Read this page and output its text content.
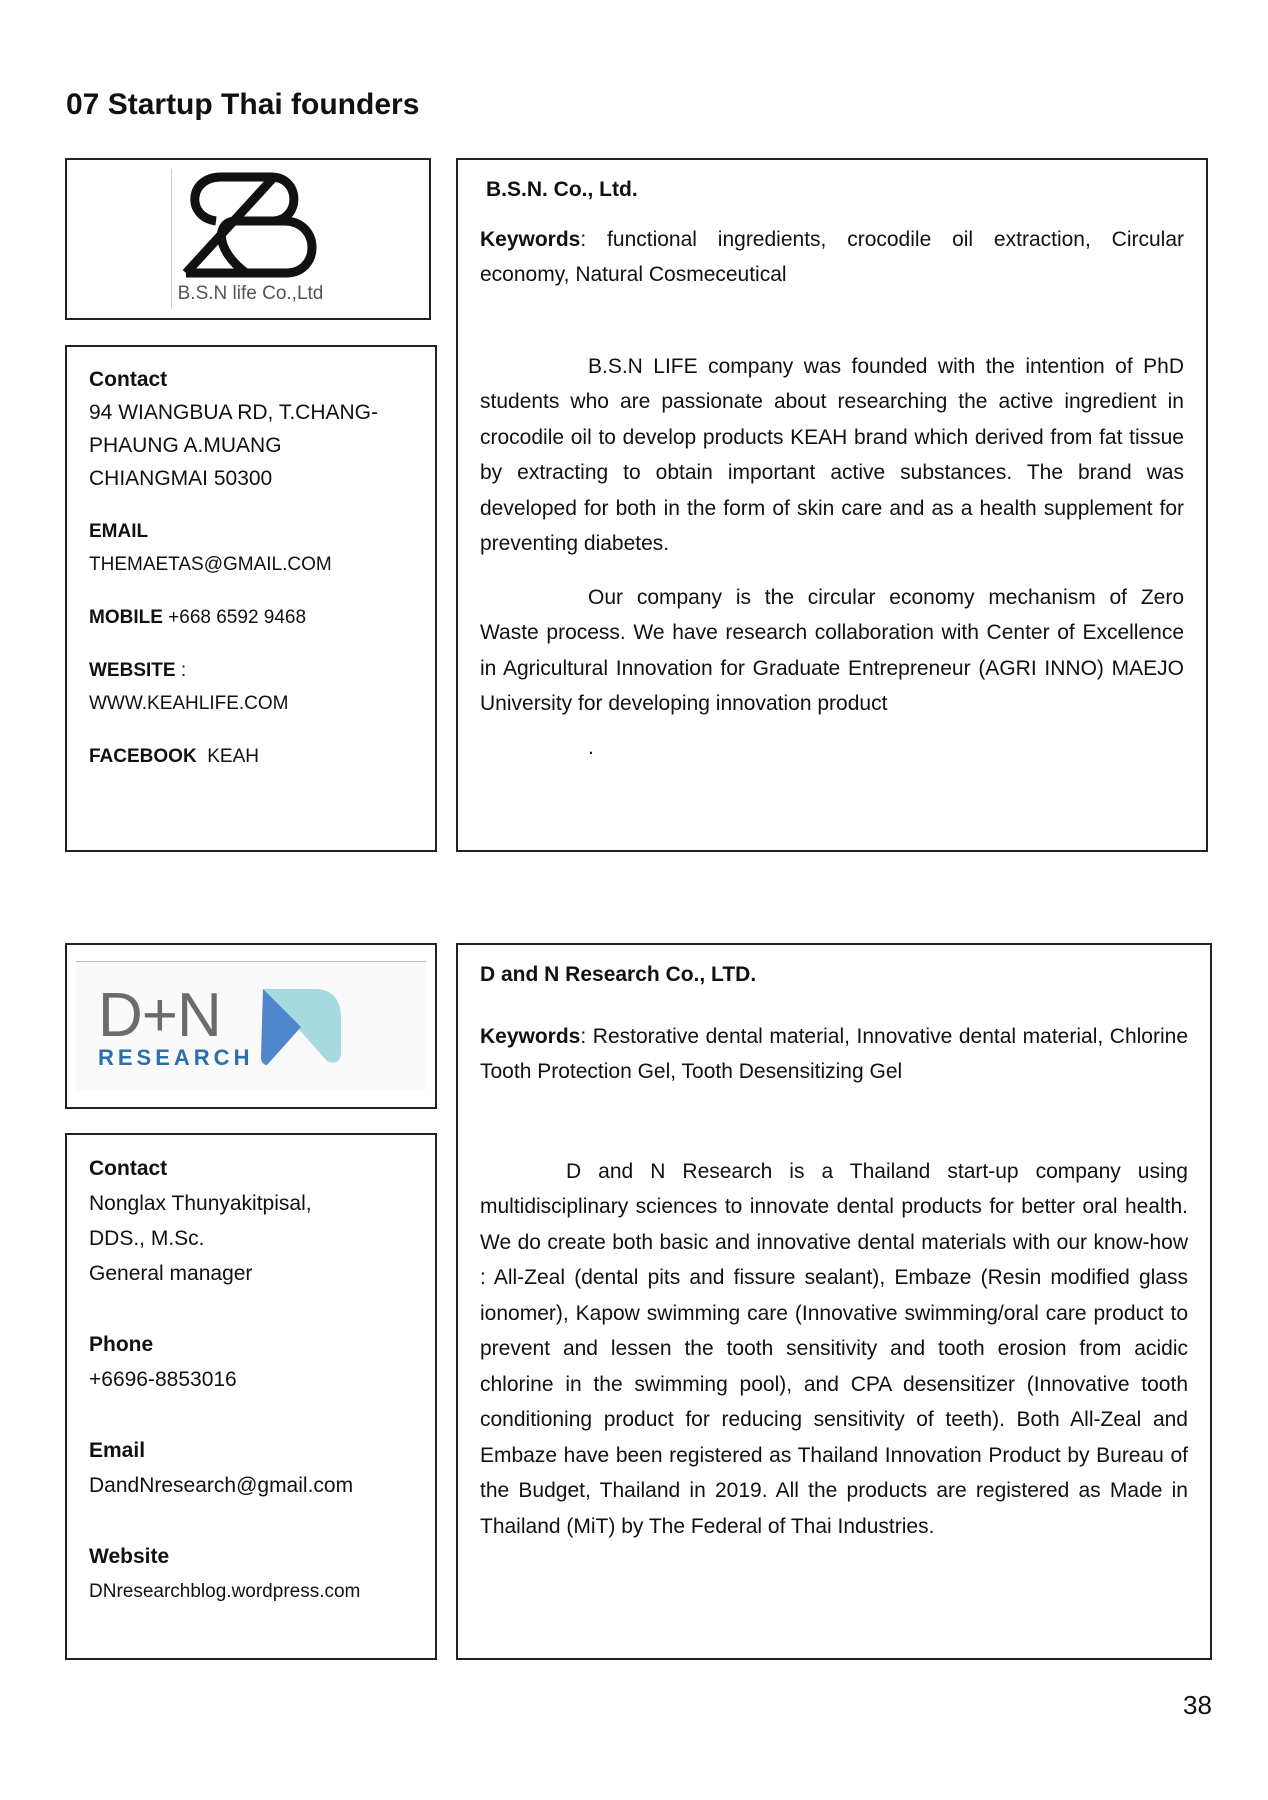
07 Startup Thai founders
B.S.N life Co.,Ltd
Contact
94 WIANGBUA RD, T.CHANG-
PHAUNG A.MUANG
CHIANGMAI 50300
EMAIL
THEMAETAS@GMAIL.COM
MOBILE +668 6592 9468
WEBSITE :
WWW.KEAHLIFE.COM
FACEBOOK  KEAH
B.S.N. Co., Ltd.

Keywords: functional ingredients, crocodile oil extraction, Circular economy, Natural Cosmeceutical

B.S.N LIFE company was founded with the intention of PhD students who are passionate about researching the active ingredient in crocodile oil to develop products KEAH brand which derived from fat tissue by extracting to obtain important active substances. The brand was developed for both in the form of skin care and as a health supplement for preventing diabetes.

Our company is the circular economy mechanism of Zero Waste process. We have research collaboration with Center of Excellence in Agricultural Innovation for Graduate Entrepreneur (AGRI INNO) MAEJO University for developing innovation product

.
D+N
RESEARCH
Contact
Nonglax Thunyakitpisal,
DDS., M.Sc.
General manager
Phone
+6696-8853016
Email
DandNresearch@gmail.com
Website
DNresearchblog.wordpress.com
D and N Research Co., LTD.

Keywords: Restorative dental material, Innovative dental material, Chlorine Tooth Protection Gel, Tooth Desensitizing Gel

D and N Research is a Thailand start-up company using multidisciplinary sciences to innovate dental products for better oral health. We do create both basic and innovative dental materials with our know-how : All-Zeal (dental pits and fissure sealant), Embaze (Resin modified glass ionomer), Kapow swimming care (Innovative swimming/oral care product to prevent and lessen the tooth sensitivity and tooth erosion from acidic chlorine in the swimming pool), and CPA desensitizer (Innovative tooth conditioning product for reducing sensitivity of teeth). Both All-Zeal and Embaze have been registered as Thailand Innovation Product by Bureau of the Budget, Thailand in 2019. All the products are registered as Made in Thailand (MiT) by The Federal of Thai Industries.

38
